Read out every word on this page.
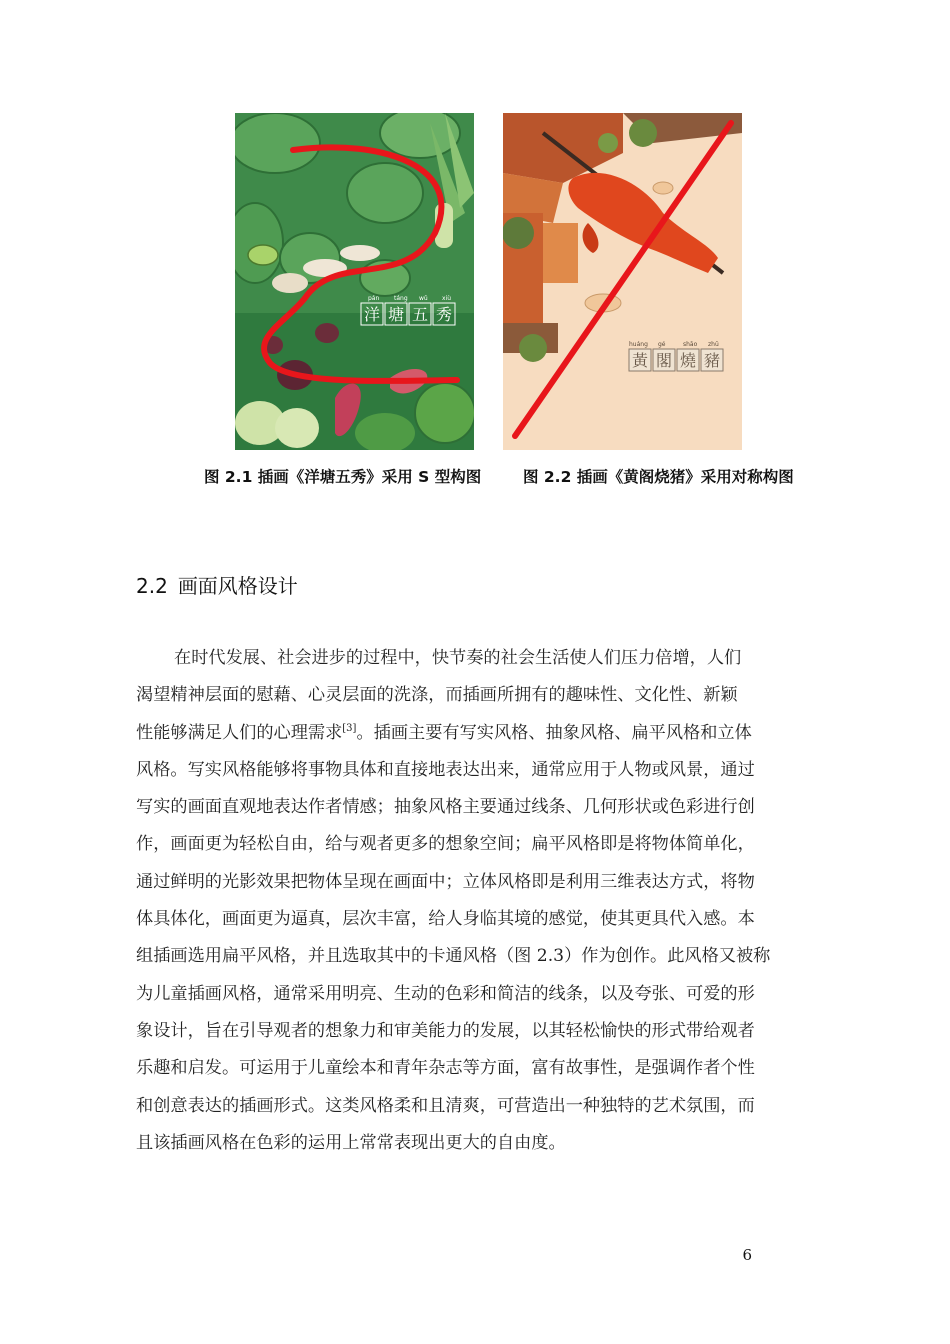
pán táng wǔ xiù
洋 塘 五 秀
huáng gé	shāo zhū
黃 閣 燒 豬
图 2.1 插画《洋塘五秀》采用 S 型构图	图 2.2 插画《黄阁烧猪》采用对称构图
2.2 画面风格设计
在时代发展、社会进步的过程中，快节奏的社会生活使人们压力倍增，人们
渴望精神层面的慰藉、心灵层面的洗涤，而插画所拥有的趣味性、文化性、新颖
性能够满足人们的心理需求[3]。插画主要有写实风格、抽象风格、扁平风格和立体
风格。写实风格能够将事物具体和直接地表达出来，通常应用于人物或风景，通过
写实的画面直观地表达作者情感；抽象风格主要通过线条、几何形状或色彩进行创
作，画面更为轻松自由，给与观者更多的想象空间；扁平风格即是将物体简单化，
通过鲜明的光影效果把物体呈现在画面中；立体风格即是利用三维表达方式，将物
体具体化，画面更为逼真，层次丰富，给人身临其境的感觉，使其更具代入感。本
组插画选用扁平风格，并且选取其中的卡通风格（图 2.3）作为创作。此风格又被称
为儿童插画风格，通常采用明亮、生动的色彩和简洁的线条，以及夸张、可爱的形
象设计，旨在引导观者的想象力和审美能力的发展，以其轻松愉快的形式带给观者
乐趣和启发。可运用于儿童绘本和青年杂志等方面，富有故事性，是强调作者个性
和创意表达的插画形式。这类风格柔和且清爽，可营造出一种独特的艺术氛围，而
且该插画风格在色彩的运用上常常表现出更大的自由度。
6
